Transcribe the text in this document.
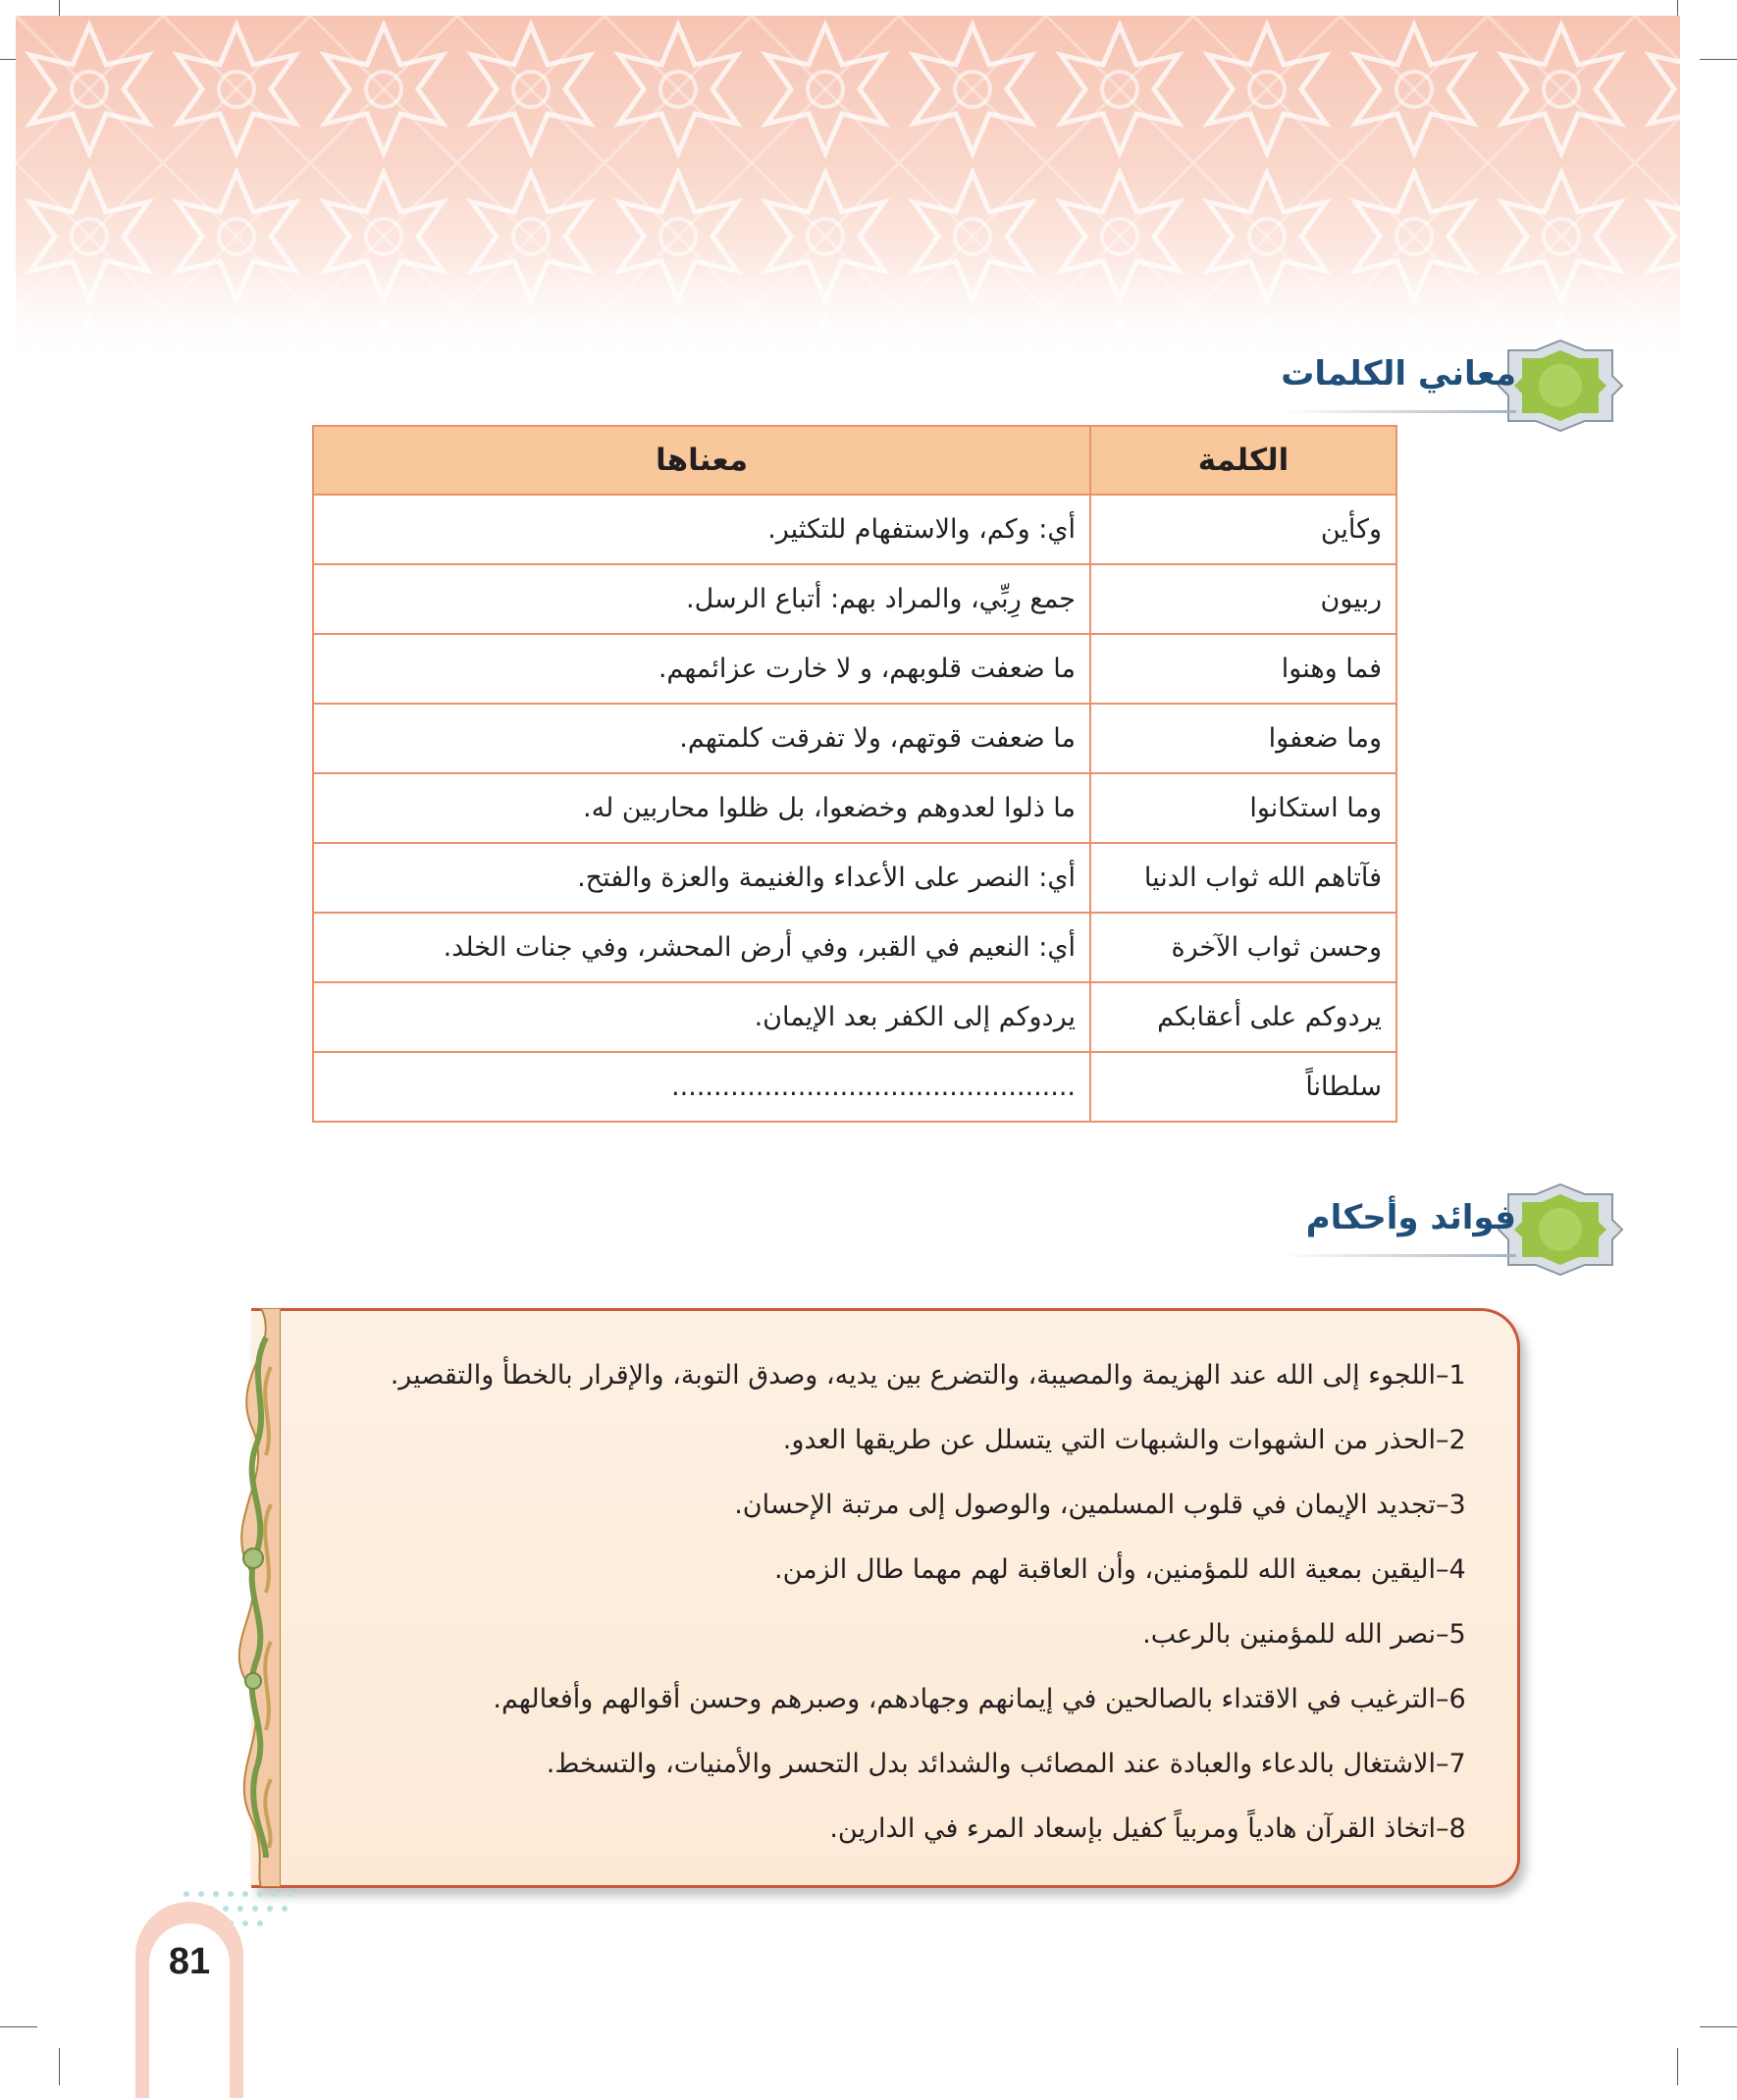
معاني الكلمات
الكلمة	معناها
وكأين	أي: وكم، والاستفهام للتكثير.
ربيون	جمع رِبِّي، والمراد بهم: أتباع الرسل.
فما وهنوا	ما ضعفت قلوبهم، و لا خارت عزائمهم.
وما ضعفوا	ما ضعفت قوتهم، ولا تفرقت كلمتهم.
وما استكانوا	ما ذلوا لعدوهم وخضعوا، بل ظلوا محاربين له.
فآتاهم الله ثواب الدنيا	أي: النصر على الأعداء والغنيمة والعزة والفتح.
وحسن ثواب الآخرة	أي: النعيم في القبر، وفي أرض المحشر، وفي جنات الخلد.
يردوكم على أعقابكم	يردوكم إلى الكفر بعد الإيمان.
سلطاناً	................................................
فوائد وأحكام
1–
اللجوء إلى الله عند الهزيمة والمصيبة، والتضرع بين يديه، وصدق التوبة، والإقرار بالخطأ والتقصير.
2–
الحذر من الشهوات والشبهات التي يتسلل عن طريقها العدو.
3–
تجديد الإيمان في قلوب المسلمين، والوصول إلى مرتبة الإحسان.
4–
اليقين بمعية الله للمؤمنين، وأن العاقبة لهم مهما طال الزمن.
5–
نصر الله للمؤمنين بالرعب.
6–
الترغيب في الاقتداء بالصالحين في إيمانهم وجهادهم، وصبرهم وحسن أقوالهم وأفعالهم.
7–
الاشتغال بالدعاء والعبادة عند المصائب والشدائد بدل التحسر والأمنيات، والتسخط.
8–
اتخاذ القرآن هادياً ومربياً كفيل بإسعاد المرء في الدارين.
81
